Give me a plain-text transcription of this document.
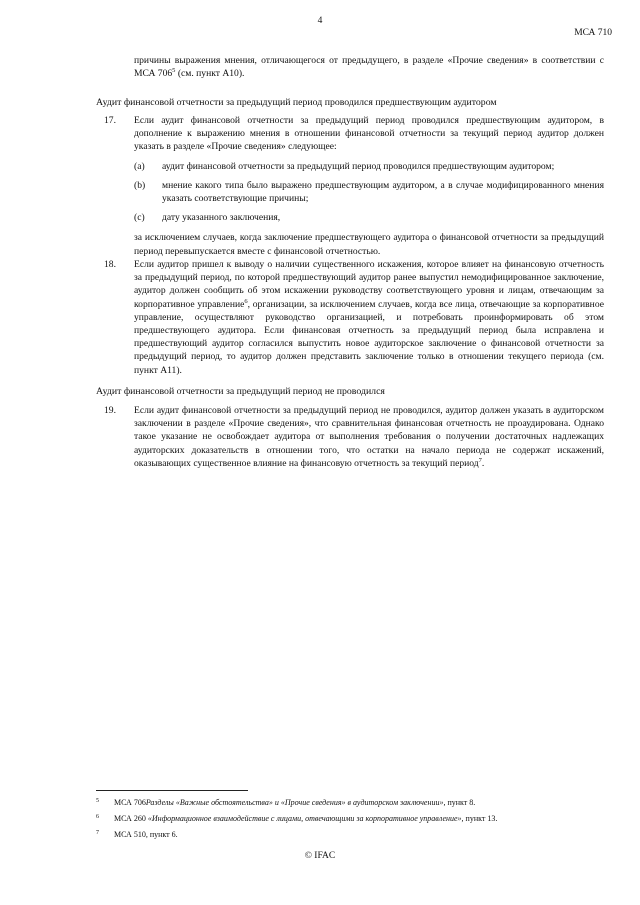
4
МСА 710
причины выражения мнения, отличающегося от предыдущего, в разделе «Прочие сведения» в соответствии с МСА $706^5$ (см. пункт A10).
Аудит финансовой отчетности за предыдущий период проводился предшествующим аудитором
17. Если аудит финансовой отчетности за предыдущий период проводился предшествующим аудитором, в дополнение к выражению мнения в отношении финансовой отчетности за текущий период аудитор должен указать в разделе «Прочие сведения» следующее:
(a) аудит финансовой отчетности за предыдущий период проводился предшествующим аудитором;
(b) мнение какого типа было выражено предшествующим аудитором, а в случае модифицированного мнения указать соответствующие причины;
(c) дату указанного заключения,
за исключением случаев, когда заключение предшествующего аудитора о финансовой отчетности за предыдущий период перевыпускается вместе с финансовой отчетностью.
18. Если аудитор пришел к выводу о наличии существенного искажения, которое влияет на финансовую отчетность за предыдущий период, по которой предшествующий аудитор ранее выпустил немодифицированное заключение, аудитор должен сообщить об этом искажении руководству соответствующего уровня и лицам, отвечающим за корпоративное управление$^6$, организации, за исключением случаев, когда все лица, отвечающие за корпоративное управление, осуществляют руководство организацией, и потребовать проинформировать об этом предшествующего аудитора. Если финансовая отчетность за предыдущий период была исправлена и предшествующий аудитор согласился выпустить новое аудиторское заключение о финансовой отчетности за предыдущий период, то аудитор должен представить заключение только в отношении текущего периода (см. пункт A11).
Аудит финансовой отчетности за предыдущий период не проводился
19. Если аудит финансовой отчетности за предыдущий период не проводился, аудитор должен указать в аудиторском заключении в разделе «Прочие сведения», что сравнительная финансовая отчетность не проаудирована. Однако такое указание не освобождает аудитора от выполнения требования о получении достаточных надлежащих аудиторских доказательств в отношении того, что остатки на начало периода не содержат искажений, оказывающих существенное влияние на финансовую отчетность за текущий период$^7$.
5 МСА 706Разделы «Важные обстоятельства» и «Прочие сведения» в аудиторском заключении», пункт 8.
6 МСА 260 «Информационное взаимодействие с лицами, отвечающими за корпоративное управление», пункт 13.
7 МСА 510, пункт 6.
© IFAC
